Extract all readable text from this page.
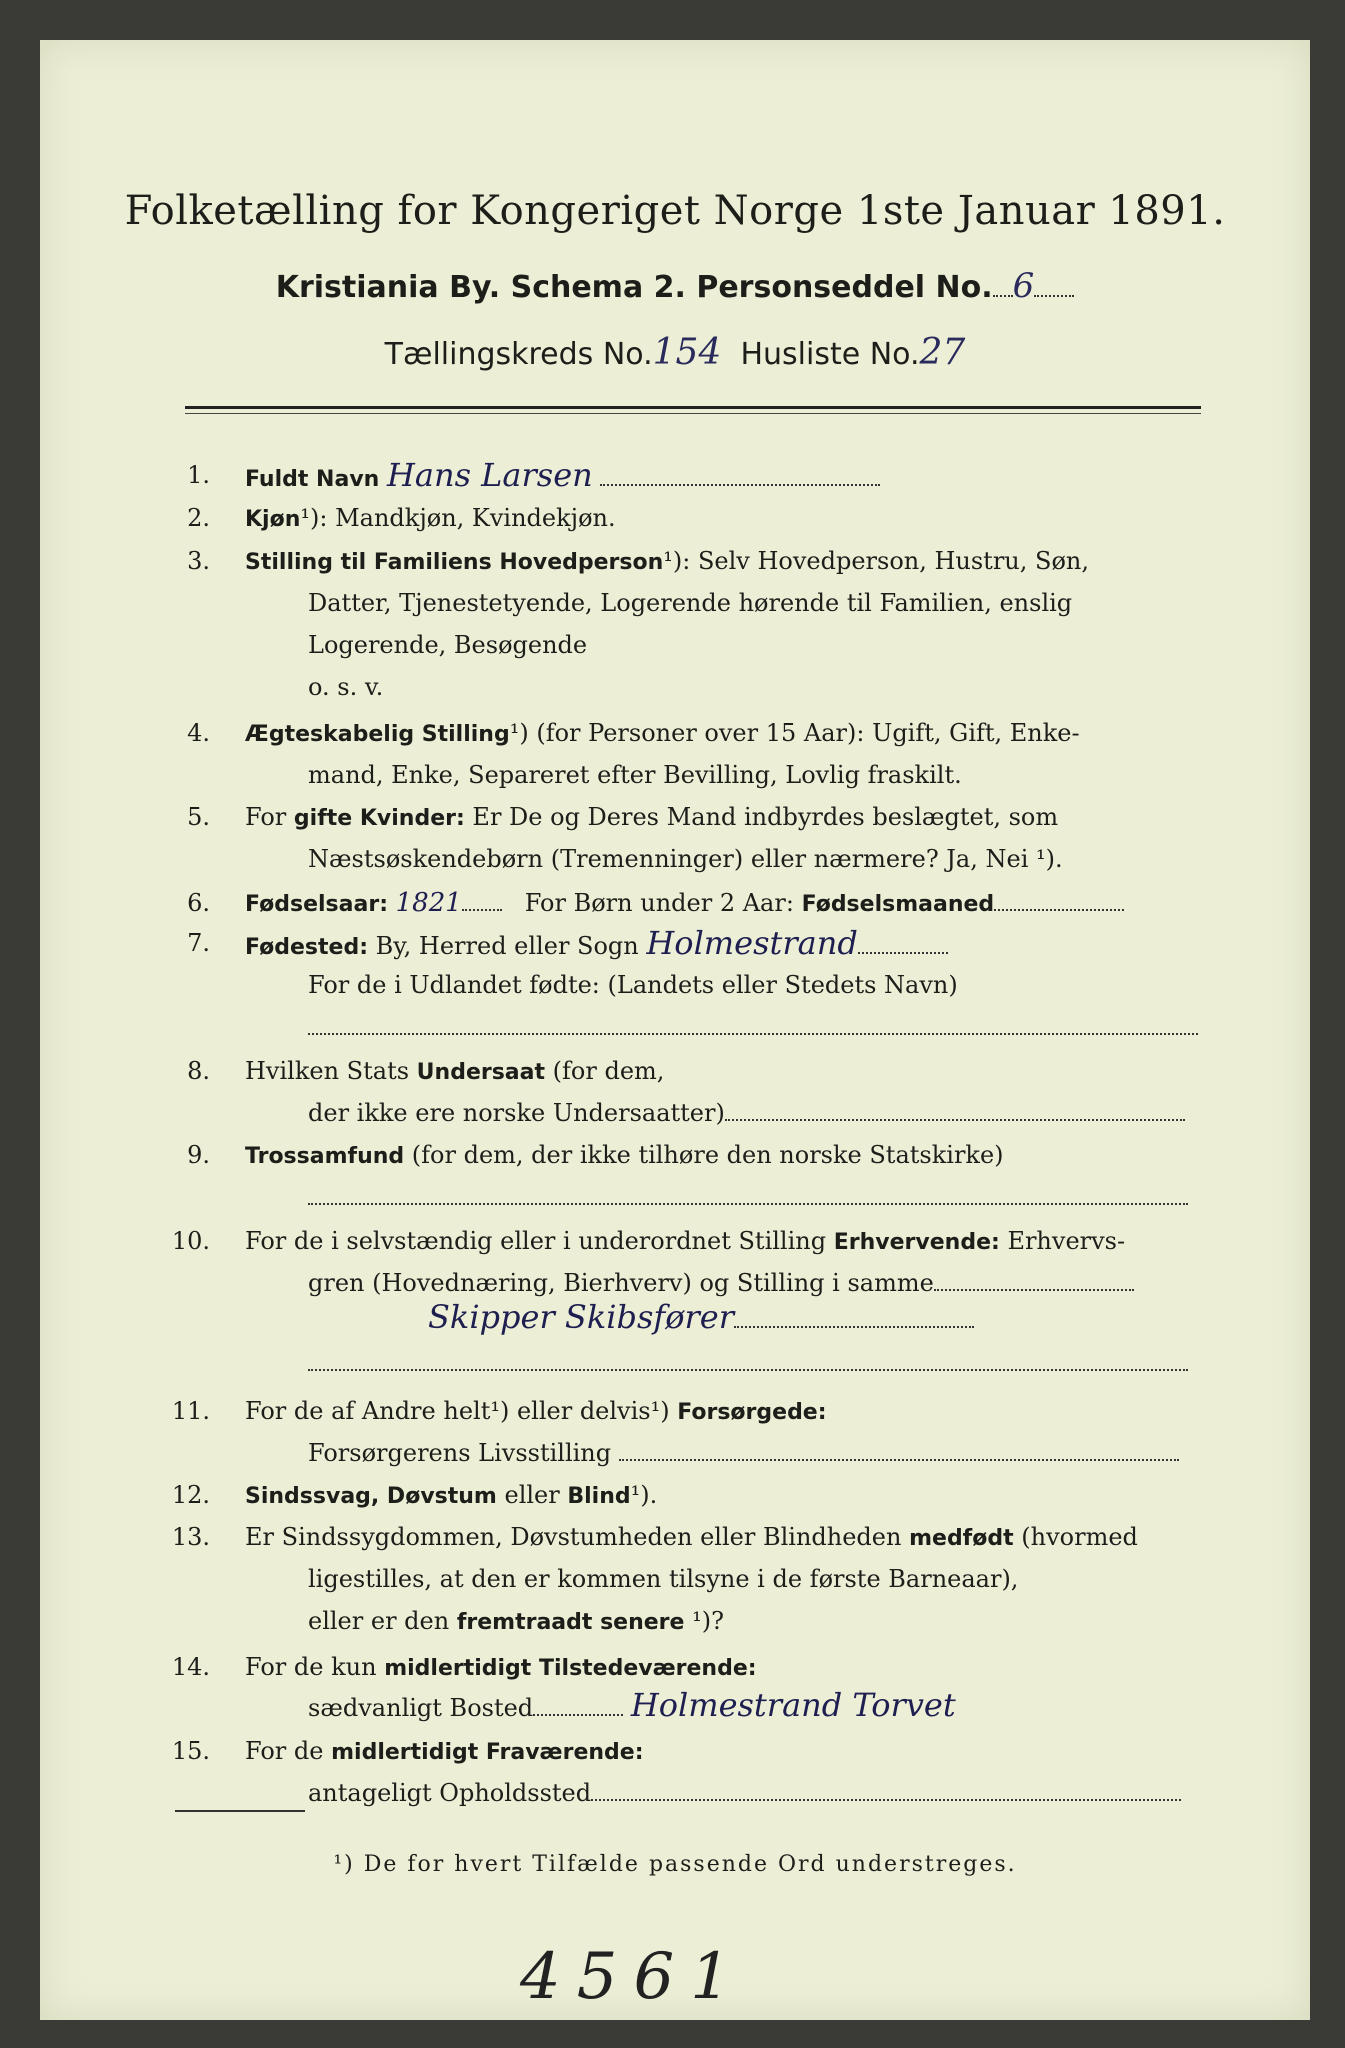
Folketælling for Kongeriget Norge 1ste Januar 1891.
Kristiania By. Schema 2. Personseddel No. 6
Tællingskreds No.154 Husliste No.27
1. Fuldt Navn Hans Larsen
2. Kjøn¹): Mandkjøn, Kvindekjøn.
3. Stilling til Familiens Hovedperson¹): Selv Hovedperson, Hustru, Søn,
Datter, Tjenestetyende, Logerende hørende til Familien, enslig
Logerende, Besøgende
o. s. v.
4. Ægteskabelig Stilling¹) (for Personer over 15 Aar): Ugift, Gift, Enke-
mand, Enke, Separeret efter Bevilling, Lovlig fraskilt.
5. For gifte Kvinder: Er De og Deres Mand indbyrdes beslægtet, som
Næstsøskendebørn (Tremenninger) eller nærmere? Ja, Nei ¹).
6. Fødselsaar: 1821	For Børn under 2 Aar: Fødselsmaaned
7. Fødested: By, Herred eller Sogn Holmestrand
For de i Udlandet fødte: (Landets eller Stedets Navn)
8. Hvilken Stats Undersaat (for dem,
der ikke ere norske Undersaatter)
9. Trossamfund (for dem, der ikke tilhøre den norske Statskirke)
10. For de i selvstændig eller i underordnet Stilling Erhvervende: Erhvervs-
gren (Hovednæring, Bierhverv) og Stilling i samme
Skipper Skibsfører
11. For de af Andre helt¹) eller delvis¹) Forsørgede:
Forsørgerens Livsstilling
12. Sindssvag, Døvstum eller Blind¹).
13. Er Sindssygdommen, Døvstumheden eller Blindheden medfødt (hvormed
ligestilles, at den er kommen tilsyne i de første Barneaar),
eller er den fremtraadt senere ¹)?
14. For de kun midlertidigt Tilstedeværende:
sædvanligt Bosted	Holmestrand Torvet
15. For de midlertidigt Fraværende:
antageligt Opholdssted
¹) De for hvert Tilfælde passende Ord understreges.
4561
